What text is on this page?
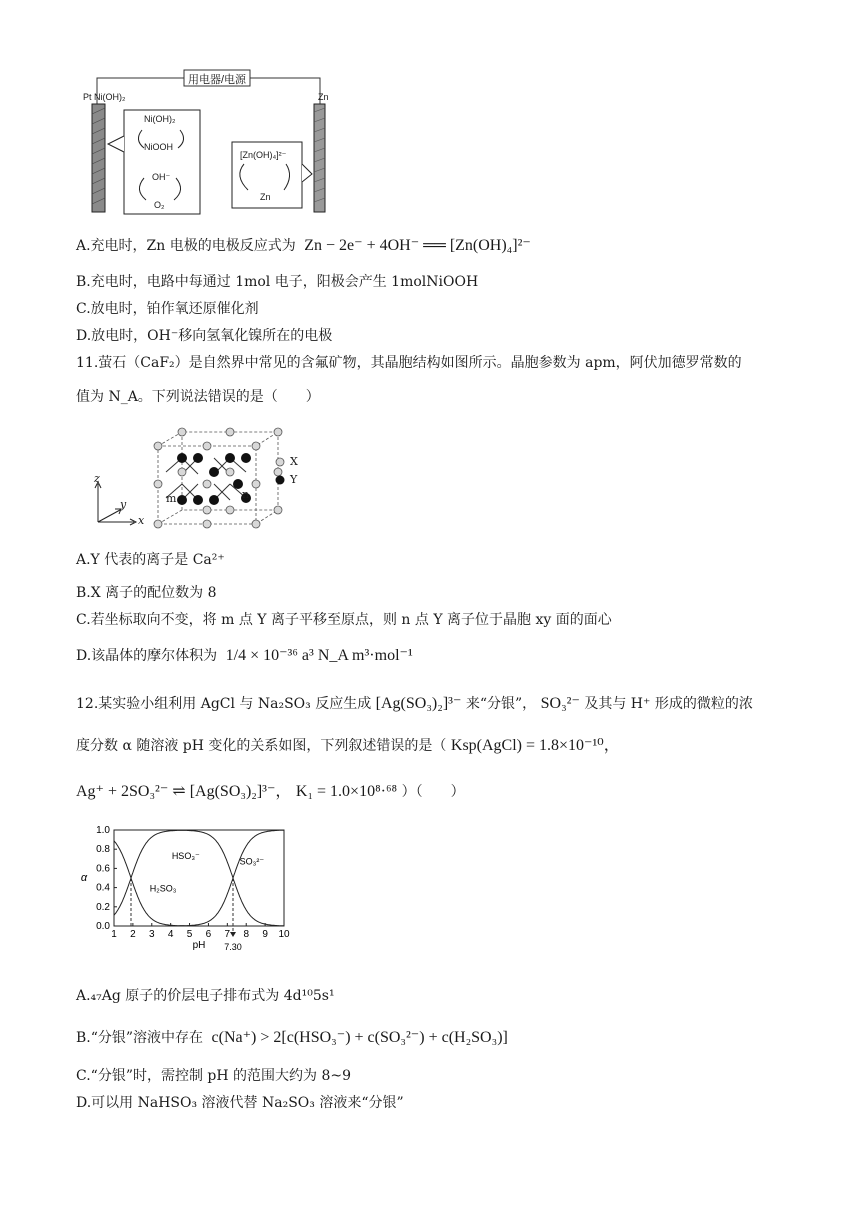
用电器/电源
Pt Ni(OH)₂	Zn
Ni(OH)₂
NiOOH
OH⁻
O₂
[Zn(OH)₄]²⁻
Zn
A.充电时，Zn 电极的电极反应式为 Zn − 2e⁻ + 4OH⁻ ══ [Zn(OH)₄]²⁻
B.充电时，电路中每通过 1mol 电子，阳极会产生 1molNiOOH
C.放电时，铂作氧还原催化剂
D.放电时，OH⁻移向氢氧化镍所在的电极
11.萤石（CaF₂）是自然界中常见的含氟矿物，其晶胞结构如图所示。晶胞参数为 apm，阿伏加德罗常数的
值为 N_A。下列说法错误的是（　　）
z
y
x
m	n
X
Y
A.Y 代表的离子是 Ca²⁺
B.X 离子的配位数为 8
C.若坐标取向不变，将 m 点 Y 离子平移至原点，则 n 点 Y 离子位于晶胞 xy 面的面心
D.该晶体的摩尔体积为 1/4 × 10⁻³⁶ a³ N_A m³·mol⁻¹
12.某实验小组利用 AgCl 与 Na₂SO₃ 反应生成 [Ag(SO₃)₂]³⁻ 来“分银”， SO₃²⁻ 及其与 H⁺ 形成的微粒的浓
度分数 α 随溶液 pH 变化的关系如图，下列叙述错误的是（ Ksp(AgCl) = 1.8×10⁻¹⁰，
Ag⁺ + 2SO₃²⁻ ⇌ [Ag(SO₃)₂]³⁻， K₁ = 1.0×10⁸·⁶⁸ ）（　　）
1 2 3 4 5 6 7 8 9 10
0.0
0.2
0.4
0.6
0.8
1.0
pH
α
7.30
H₂SO₃
HSO₃⁻
SO₃²⁻
A.₄₇Ag 原子的价层电子排布式为 4d¹⁰5s¹
B.“分银”溶液中存在 c(Na⁺) > 2[c(HSO₃⁻) + c(SO₃²⁻) + c(H₂SO₃)]
C.“分银”时，需控制 pH 的范围大约为 8~9
D.可以用 NaHSO₃ 溶液代替 Na₂SO₃ 溶液来“分银”
